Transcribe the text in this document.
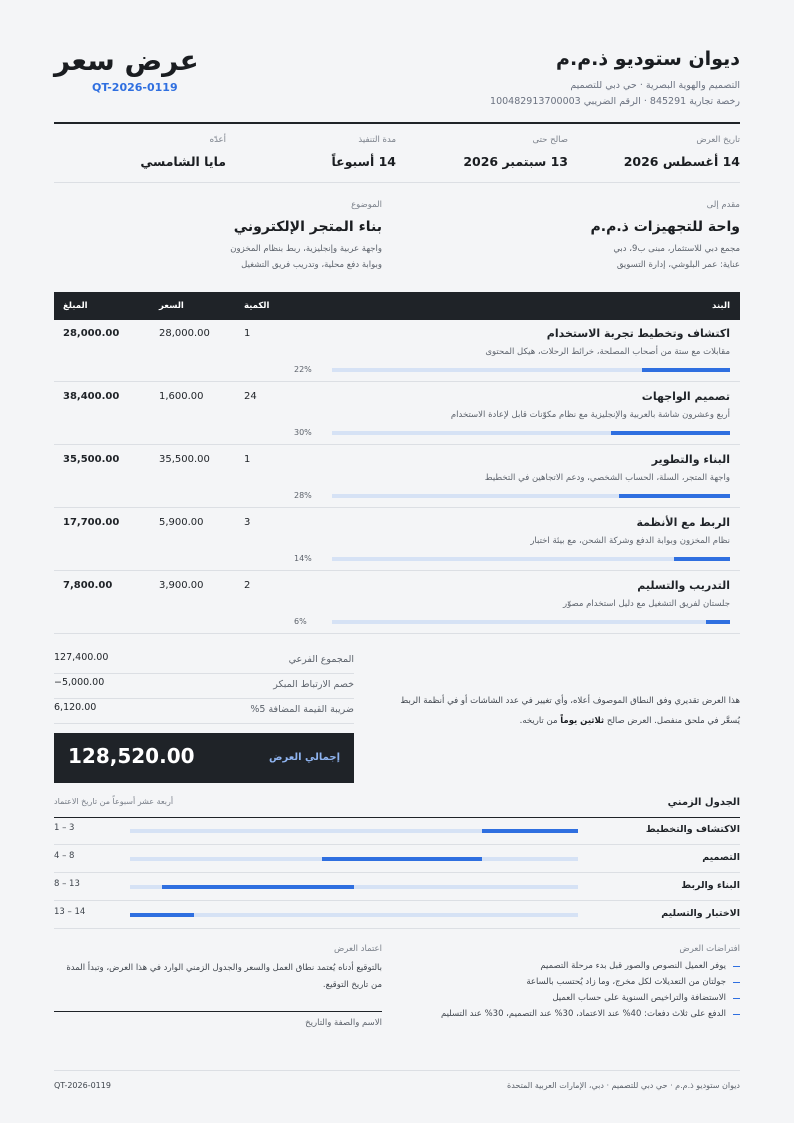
ديوان ستوديو ذ.م.م
التصميم والهوية البصرية · حي دبي للتصميم
رخصة تجارية 845291 · الرقم الضريبي 100482913700003
عرض سعر
QT-2026-0119
تاريخ العرض
14 أغسطس 2026
صالح حتى
13 سبتمبر 2026
مدة التنفيذ
14 أسبوعاً
أعدّه
مايا الشامسي
مقدم إلى
واحة للتجهيزات ذ.م.م
مجمع دبي للاستثمار، مبنى ب9، دبي
عناية: عمر البلوشي، إدارة التسويق
الموضوع
بناء المتجر الإلكتروني
واجهة عربية وإنجليزية، ربط بنظام المخزون
وبوابة دفع محلية، وتدريب فريق التشغيل
البند
الكمية
السعر
المبلغ
اكتشاف وتخطيط تجربة الاستخدام
مقابلات مع ستة من أصحاب المصلحة، خرائط الرحلات، هيكل المحتوى
1
28,000.00
28,000.00
22%
تصميم الواجهات
أربع وعشرون شاشة بالعربية والإنجليزية مع نظام مكوّنات قابل لإعادة الاستخدام
24
1,600.00
38,400.00
30%
البناء والتطوير
واجهة المتجر، السلة، الحساب الشخصي، ودعم الاتجاهين في التخطيط
1
35,500.00
35,500.00
28%
الربط مع الأنظمة
نظام المخزون وبوابة الدفع وشركة الشحن، مع بيئة اختبار
3
5,900.00
17,700.00
14%
التدريب والتسليم
جلستان لفريق التشغيل مع دليل استخدام مصوّر
2
3,900.00
7,800.00
6%
المجموع الفرعي
127,400.00
خصم الارتباط المبكر
−5,000.00
ضريبة القيمة المضافة 5%
6,120.00
إجمالي العرض
128,520.00
هذا العرض تقديري وفق النطاق الموصوف أعلاه، وأي تغيير في عدد الشاشات أو في أنظمة الربط يُسعَّر في ملحق منفصل. العرض صالح ثلاثين يوماً من تاريخه.
الجدول الزمني
أربعة عشر أسبوعاً من تاريخ الاعتماد
الاكتشاف والتخطيط
1 – 3
التصميم
4 – 8
البناء والربط
8 – 13
الاختبار والتسليم
13 – 14
افتراضات العرض
يوفر العميل النصوص والصور قبل بدء مرحلة التصميم
جولتان من التعديلات لكل مخرج، وما زاد يُحتسب بالساعة
الاستضافة والتراخيص السنوية على حساب العميل
الدفع على ثلاث دفعات: 40% عند الاعتماد، 30% عند التصميم، 30% عند التسليم
اعتماد العرض
بالتوقيع أدناه يُعتمد نطاق العمل والسعر والجدول الزمني الوارد في هذا العرض، وتبدأ المدة من تاريخ التوقيع.
الاسم والصفة والتاريخ
QT-2026-0119	ديوان ستوديو ذ.م.م · حي دبي للتصميم · دبي، الإمارات العربية المتحدة
